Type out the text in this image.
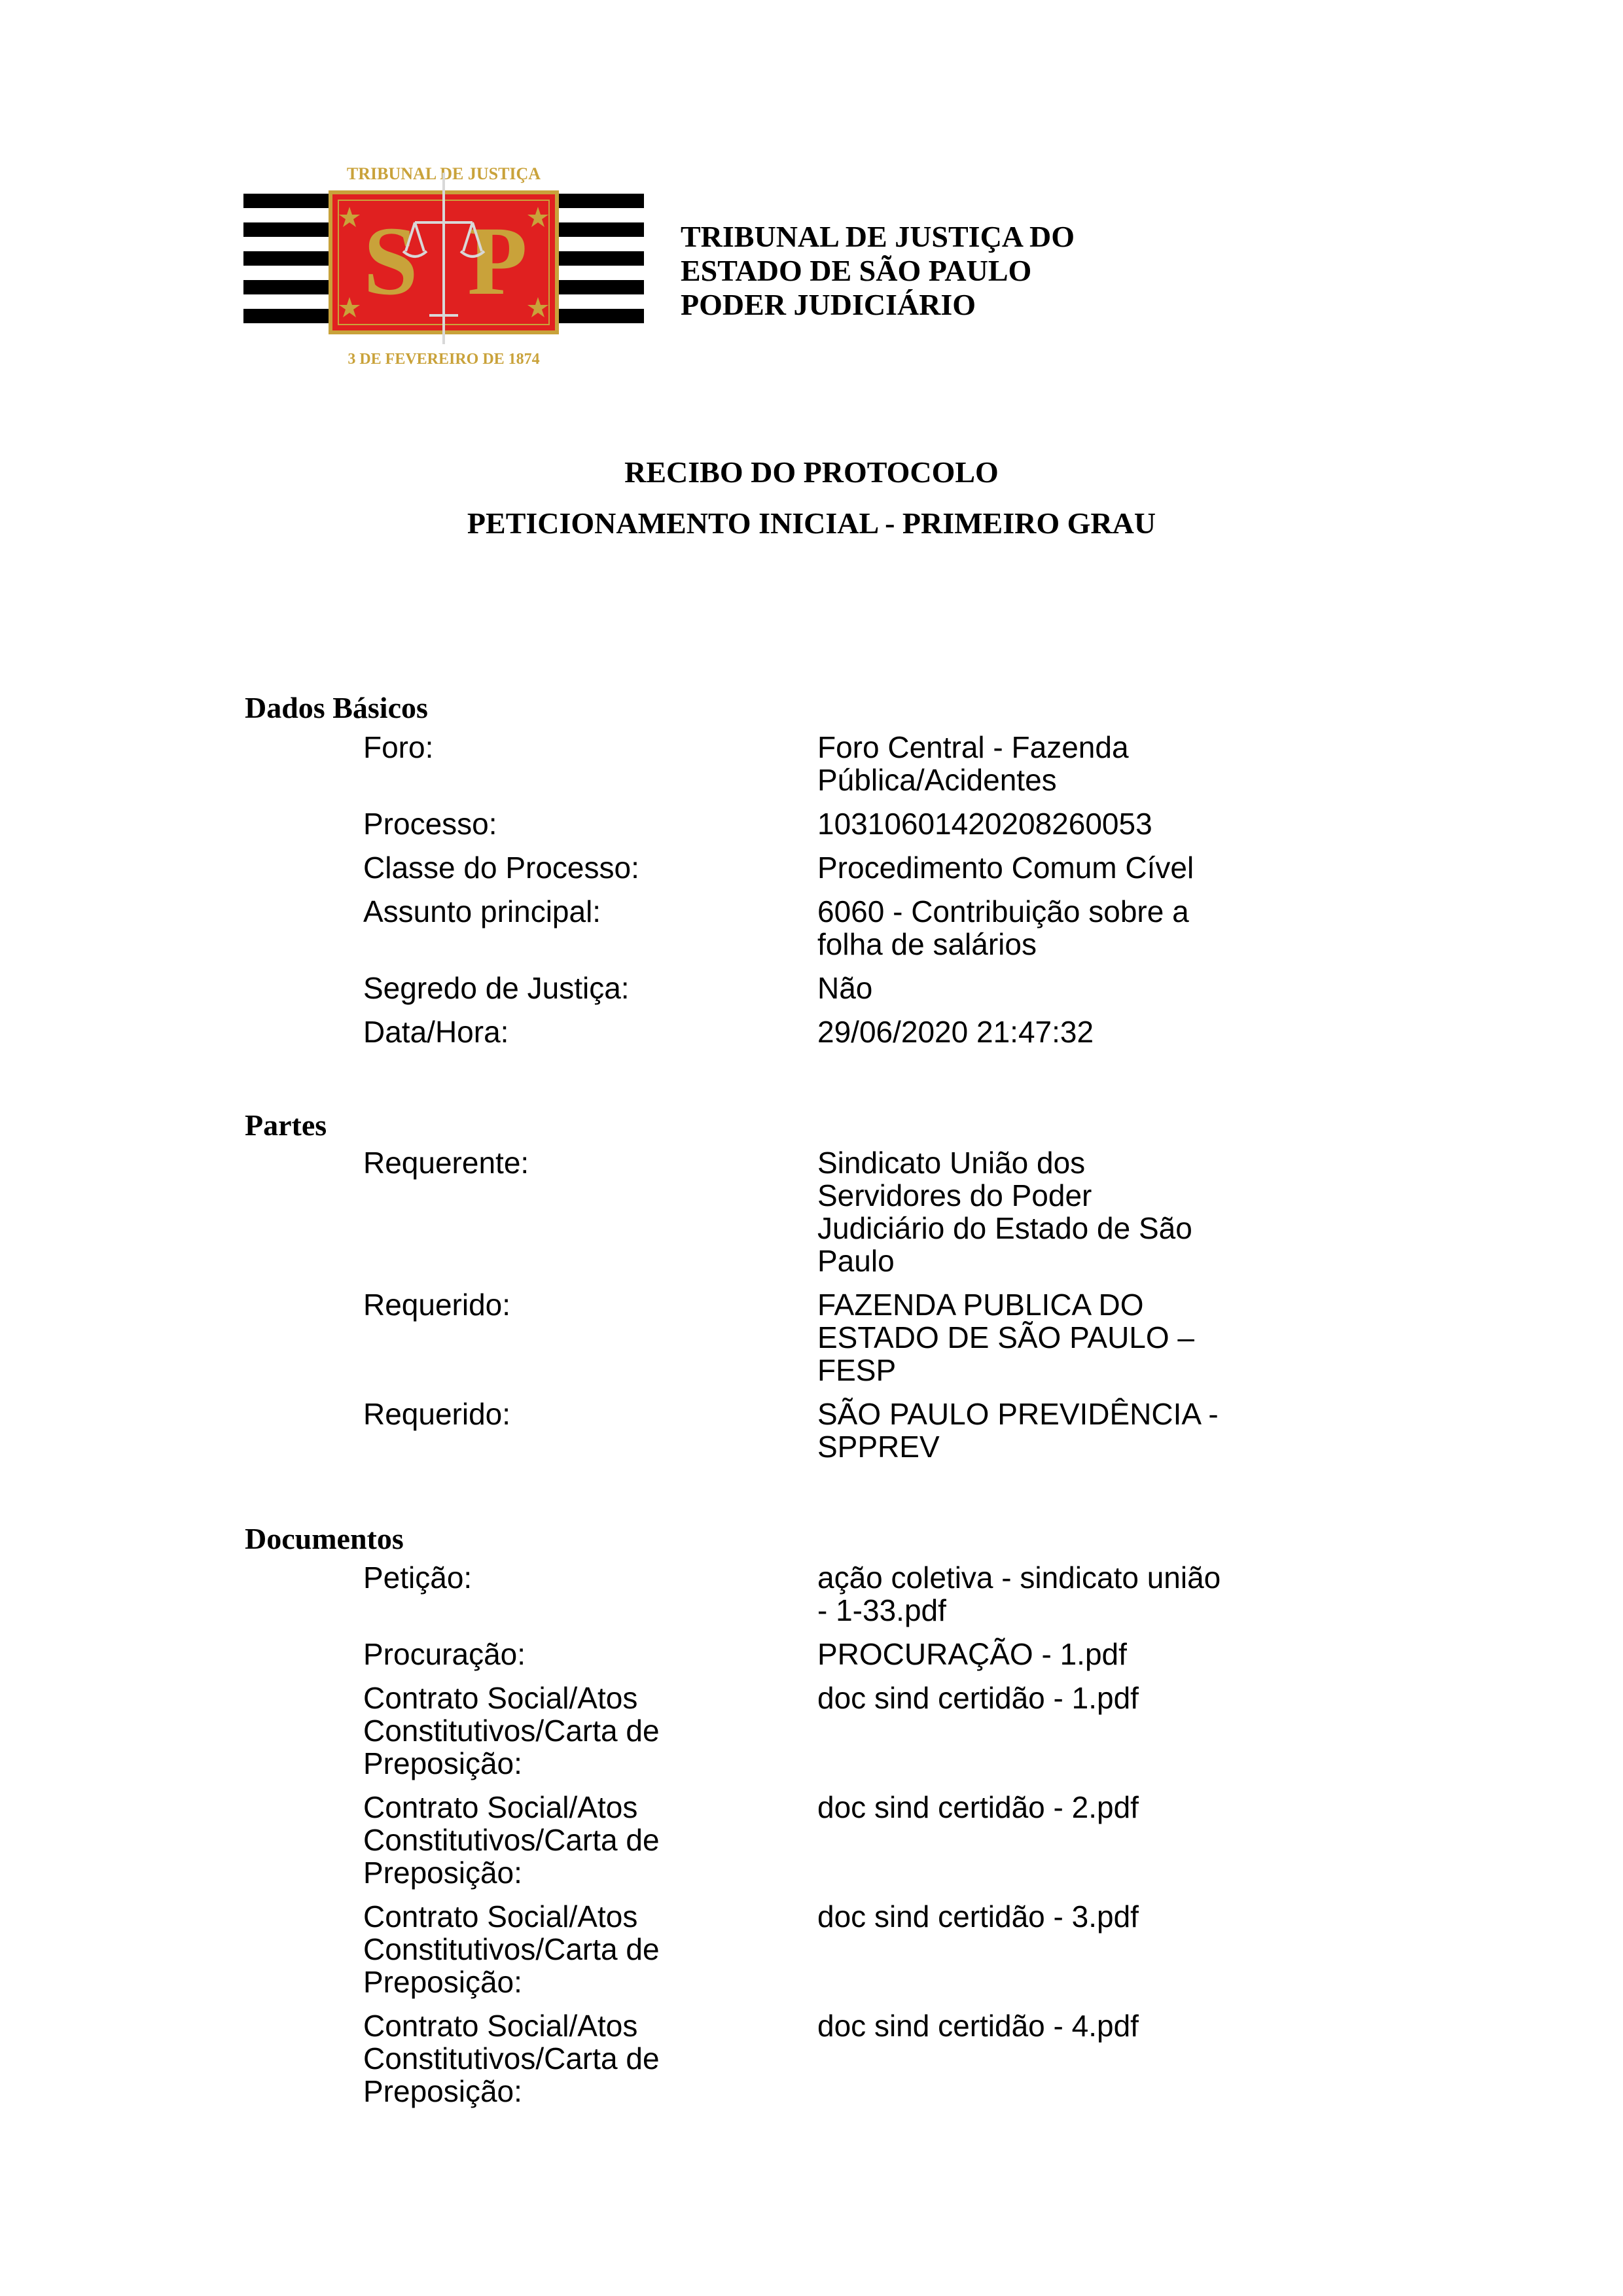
TRIBUNAL DE JUSTIÇA
S P
3 DE FEVEREIRO DE 1874
TRIBUNAL DE JUSTIÇA DO
ESTADO DE SÃO PAULO
PODER JUDICIÁRIO
RECIBO DO PROTOCOLO
PETICIONAMENTO INICIAL - PRIMEIRO GRAU
Dados Básicos
Foro:	Foro Central - Fazenda
Pública/Acidentes
Processo:	10310601420208260053
Classe do Processo:	Procedimento Comum Cível
Assunto principal:	6060 - Contribuição sobre a
folha de salários
Segredo de Justiça:	Não
Data/Hora:	29/06/2020 21:47:32
Partes
Requerente:	Sindicato União dos
Servidores do Poder
Judiciário do Estado de São
Paulo
Requerido:	FAZENDA PUBLICA DO
ESTADO DE SÃO PAULO –
FESP
Requerido:	SÃO PAULO PREVIDÊNCIA -
SPPREV
Documentos
Petição:	ação coletiva - sindicato união
- 1-33.pdf
Procuração:	PROCURAÇÃO - 1.pdf
Contrato Social/Atos
Constitutivos/Carta de
Preposição:
doc sind certidão - 1.pdf
Contrato Social/Atos
Constitutivos/Carta de
Preposição:
doc sind certidão - 2.pdf
Contrato Social/Atos
Constitutivos/Carta de
Preposição:
doc sind certidão - 3.pdf
Contrato Social/Atos
Constitutivos/Carta de
Preposição:
doc sind certidão - 4.pdf
